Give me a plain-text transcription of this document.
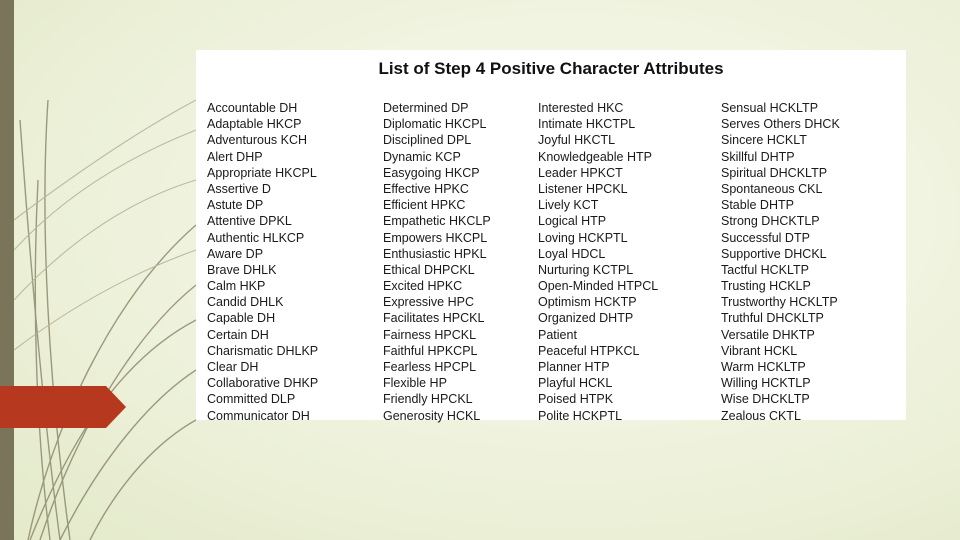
List of Step 4 Positive Character Attributes
Accountable DH
Adaptable HKCP
Adventurous KCH
Alert DHP
Appropriate HKCPL
Assertive D
Astute DP
Attentive DPKL
Authentic HLKCP
Aware DP
Brave DHLK
Calm HKP
Candid DHLK
Capable DH
Certain DH
Charismatic DHLKP
Clear DH
Collaborative DHKP
Committed DLP
Communicator DH
Determined DP
Diplomatic HKCPL
Disciplined DPL
Dynamic KCP
Easygoing HKCP
Effective HPKC
Efficient HPKC
Empathetic HKCLP
Empowers HKCPL
Enthusiastic HPKL
Ethical DHPCKL
Excited HPKC
Expressive HPC
Facilitates HPCKL
Fairness HPCKL
Faithful HPKCPL
Fearless HPCPL
Flexible HP
Friendly HPCKL
Generosity HCKL
Interested HKC
Intimate HKCTPL
Joyful HKCTL
Knowledgeable HTP
Leader HPKCT
Listener HPCKL
Lively KCT
Logical HTP
Loving HCKPTL
Loyal HDCL
Nurturing KCTPL
Open-Minded HTPCL
Optimism HCKTP
Organized DHTP
Patient
Peaceful HTPKCL
Planner HTP
Playful HCKL
Poised HTPK
Polite HCKPTL
Sensual HCKLTP
Serves Others DHCK
Sincere HCKLT
Skillful DHTP
Spiritual DHCKLTP
Spontaneous CKL
Stable DHTP
Strong DHCKTLP
Successful DTP
Supportive DHCKL
Tactful HCKLTP
Trusting HCKLP
Trustworthy HCKLTP
Truthful DHCKLTP
Versatile DHKTP
Vibrant HCKL
Warm HCKLTP
Willing HCKTLP
Wise DHCKLTP
Zealous CKTL
